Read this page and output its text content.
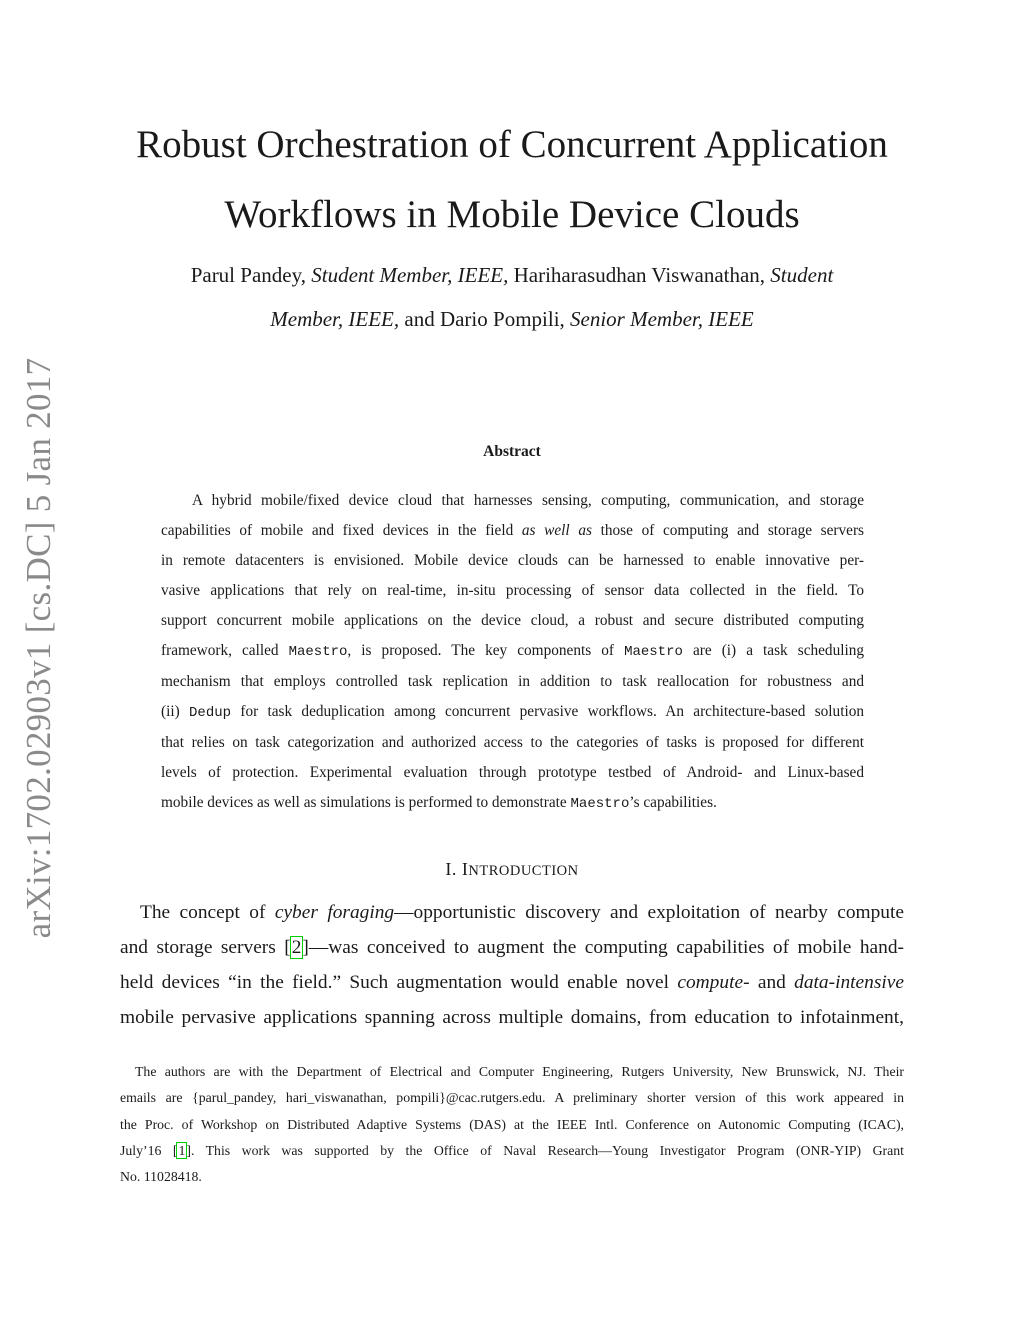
arXiv:1702.02903v1 [cs.DC] 5 Jan 2017
Robust Orchestration of Concurrent Application
Workflows in Mobile Device Clouds
Parul Pandey, Student Member, IEEE, Hariharasudhan Viswanathan, Student
Member, IEEE, and Dario Pompili, Senior Member, IEEE
Abstract
A hybrid mobile/fixed device cloud that harnesses sensing, computing, communication, and storage
capabilities of mobile and fixed devices in the field as well as those of computing and storage servers
in remote datacenters is envisioned. Mobile device clouds can be harnessed to enable innovative per-
vasive applications that rely on real-time, in-situ processing of sensor data collected in the field. To
support concurrent mobile applications on the device cloud, a robust and secure distributed computing
framework, called Maestro, is proposed. The key components of Maestro are (i) a task scheduling
mechanism that employs controlled task replication in addition to task reallocation for robustness and
(ii) Dedup for task deduplication among concurrent pervasive workflows. An architecture-based solution
that relies on task categorization and authorized access to the categories of tasks is proposed for different
levels of protection. Experimental evaluation through prototype testbed of Android- and Linux-based
mobile devices as well as simulations is performed to demonstrate Maestro’s capabilities.
I. INTRODUCTION
The concept of cyber foraging—opportunistic discovery and exploitation of nearby compute
and storage servers [2]—was conceived to augment the computing capabilities of mobile hand-
held devices “in the field.” Such augmentation would enable novel compute- and data-intensive
mobile pervasive applications spanning across multiple domains, from education to infotainment,
The authors are with the Department of Electrical and Computer Engineering, Rutgers University, New Brunswick, NJ. Their
emails are {parul_pandey, hari_viswanathan, pompili}@cac.rutgers.edu. A preliminary shorter version of this work appeared in
the Proc. of Workshop on Distributed Adaptive Systems (DAS) at the IEEE Intl. Conference on Autonomic Computing (ICAC),
July’16 [1]. This work was supported by the Office of Naval Research—Young Investigator Program (ONR-YIP) Grant
No. 11028418.
